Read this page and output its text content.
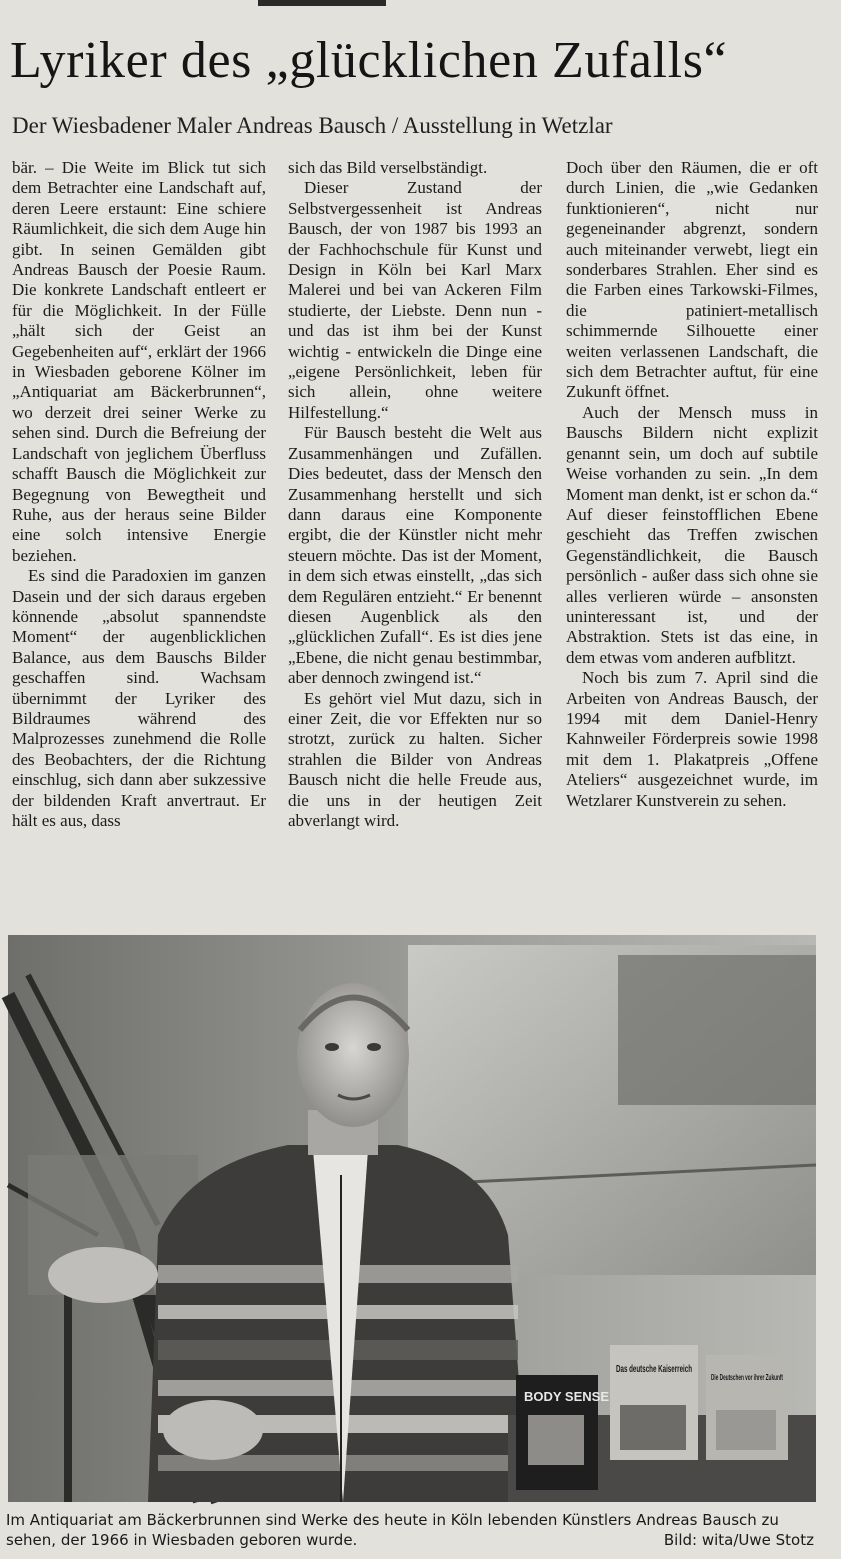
Lyriker des „glücklichen Zufalls“
Der Wiesbadener Maler Andreas Bausch / Ausstellung in Wetzlar

bär. – Die Weite im Blick tut sich dem Betrachter eine Landschaft auf, deren Leere erstaunt: Eine schiere Räumlichkeit, die sich dem Auge hin gibt. In seinen Gemälden gibt Andreas Bausch der Poesie Raum. Die konkrete Landschaft entleert er für die Möglichkeit. In der Fülle „hält sich der Geist an Gegebenheiten auf“, erklärt der 1966 in Wiesbaden geborene Kölner im „Antiquariat am Bäckerbrunnen“, wo derzeit drei seiner Werke zu sehen sind. Durch die Befreiung der Landschaft von jeglichem Überfluss schafft Bausch die Möglichkeit zur Begegnung von Bewegtheit und Ruhe, aus der heraus seine Bilder eine solch intensive Energie beziehen.

Es sind die Paradoxien im ganzen Dasein und der sich daraus ergeben könnende „absolut spannendste Moment“ der augenblicklichen Balance, aus dem Bauschs Bilder geschaffen sind. Wachsam übernimmt der Lyriker des Bildraumes während des Malprozesses zunehmend die Rolle des Beobachters, der die Richtung einschlug, sich dann aber sukzessive der bildenden Kraft anvertraut. Er hält es aus, dass

sich das Bild verselbständigt.

Dieser Zustand der Selbstvergessenheit ist Andreas Bausch, der von 1987 bis 1993 an der Fachhochschule für Kunst und Design in Köln bei Karl Marx Malerei und bei van Ackeren Film studierte, der Liebste. Denn nun - und das ist ihm bei der Kunst wichtig - entwickeln die Dinge eine „eigene Persönlichkeit, leben für sich allein, ohne weitere Hilfestellung.“

Für Bausch besteht die Welt aus Zusammenhängen und Zufällen. Dies bedeutet, dass der Mensch den Zusammenhang herstellt und sich dann daraus eine Komponente ergibt, die der Künstler nicht mehr steuern möchte. Das ist der Moment, in dem sich etwas einstellt, „das sich dem Regulären entzieht.“ Er benennt diesen Augenblick als den „glücklichen Zufall“. Es ist dies jene „Ebene, die nicht genau bestimmbar, aber dennoch zwingend ist.“

Es gehört viel Mut dazu, sich in einer Zeit, die vor Effekten nur so strotzt, zurück zu halten. Sicher strahlen die Bilder von Andreas Bausch nicht die helle Freude aus, die uns in der heutigen Zeit abverlangt wird.

Doch über den Räumen, die er oft durch Linien, die „wie Gedanken funktionieren“, nicht nur gegeneinander abgrenzt, sondern auch miteinander verwebt, liegt ein sonderbares Strahlen. Eher sind es die Farben eines Tarkowski-Filmes, die patiniert-metallisch schimmernde Silhouette einer weiten verlassenen Landschaft, die sich dem Betrachter auftut, für eine Zukunft öffnet.

Auch der Mensch muss in Bauschs Bildern nicht explizit genannt sein, um doch auf subtile Weise vorhanden zu sein. „In dem Moment man denkt, ist er schon da.“ Auf dieser feinstofflichen Ebene geschieht das Treffen zwischen Gegenständlichkeit, die Bausch persönlich - außer dass sich ohne sie alles verlieren würde – ansonsten uninteressant ist, und der Abstraktion. Stets ist das eine, in dem etwas vom anderen aufblitzt.

Noch bis zum 7. April sind die Arbeiten von Andreas Bausch, der 1994 mit dem Daniel-Henry Kahnweiler Förderpreis sowie 1998 mit dem 1. Plakatpreis „Offene Ateliers“ ausgezeichnet wurde, im Wetzlarer Kunstverein zu sehen.

BODY SENSE
Das deutsche Kaiserreich
Die Deutschen vor ihrer Zukunft
Im Antiquariat am Bäckerbrunnen sind Werke des heute in Köln lebenden Künstlers Andreas Bausch zu sehen, der 1966 in Wiesbaden geboren wurde.	Bild: wita/Uwe Stotz
